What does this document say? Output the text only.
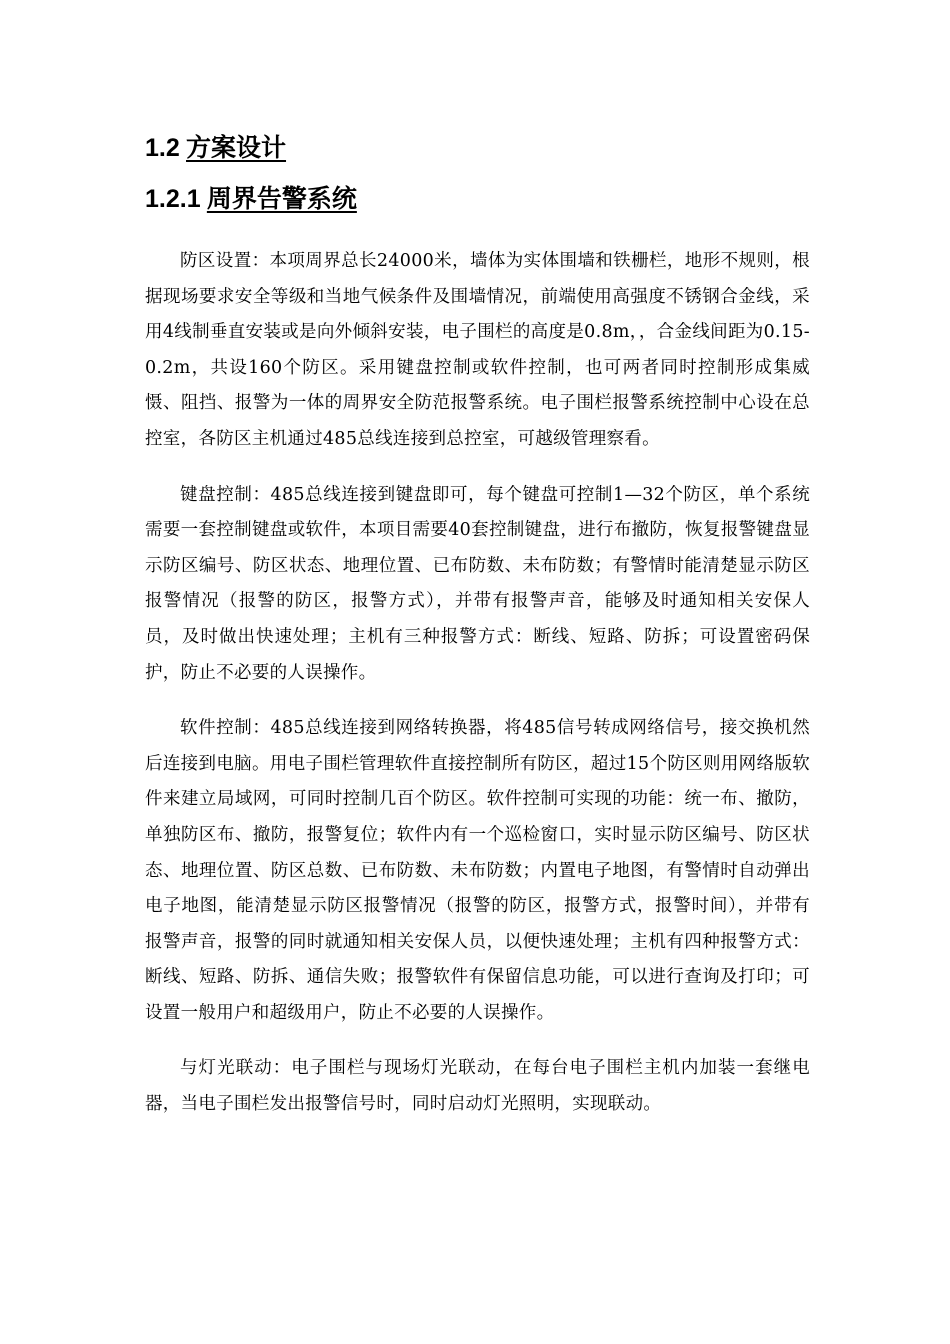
1.2 方案设计
1.2.1 周界告警系统

防区设置：本项周界总长24000米，墙体为实体围墙和铁栅栏，地形不规则，根据现场要求安全等级和当地气候条件及围墙情况，前端使用高强度不锈钢合金线，采用4线制垂直安装或是向外倾斜安装，电子围栏的高度是0.8m，，合金线间距为0.15-0.2m，共设160个防区。采用键盘控制或软件控制，也可两者同时控制形成集威慑、阻挡、报警为一体的周界安全防范报警系统。电子围栏报警系统控制中心设在总控室，各防区主机通过485总线连接到总控室，可越级管理察看。

键盘控制：485总线连接到键盘即可，每个键盘可控制1—32个防区，单个系统需要一套控制键盘或软件，本项目需要40套控制键盘，进行布撤防，恢复报警键盘显示防区编号、防区状态、地理位置、已布防数、未布防数；有警情时能清楚显示防区报警情况（报警的防区，报警方式），并带有报警声音，能够及时通知相关安保人员，及时做出快速处理；主机有三种报警方式：断线、短路、防拆；可设置密码保护，防止不必要的人误操作。

软件控制：485总线连接到网络转换器，将485信号转成网络信号，接交换机然后连接到电脑。用电子围栏管理软件直接控制所有防区，超过15个防区则用网络版软件来建立局域网，可同时控制几百个防区。软件控制可实现的功能：统一布、撤防，单独防区布、撤防，报警复位；软件内有一个巡检窗口，实时显示防区编号、防区状态、地理位置、防区总数、已布防数、未布防数；内置电子地图，有警情时自动弹出电子地图，能清楚显示防区报警情况（报警的防区，报警方式，报警时间），并带有报警声音，报警的同时就通知相关安保人员，以便快速处理；主机有四种报警方式：断线、短路、防拆、通信失败；报警软件有保留信息功能，可以进行查询及打印；可设置一般用户和超级用户，防止不必要的人误操作。

与灯光联动：电子围栏与现场灯光联动，在每台电子围栏主机内加装一套继电器，当电子围栏发出报警信号时，同时启动灯光照明，实现联动。
